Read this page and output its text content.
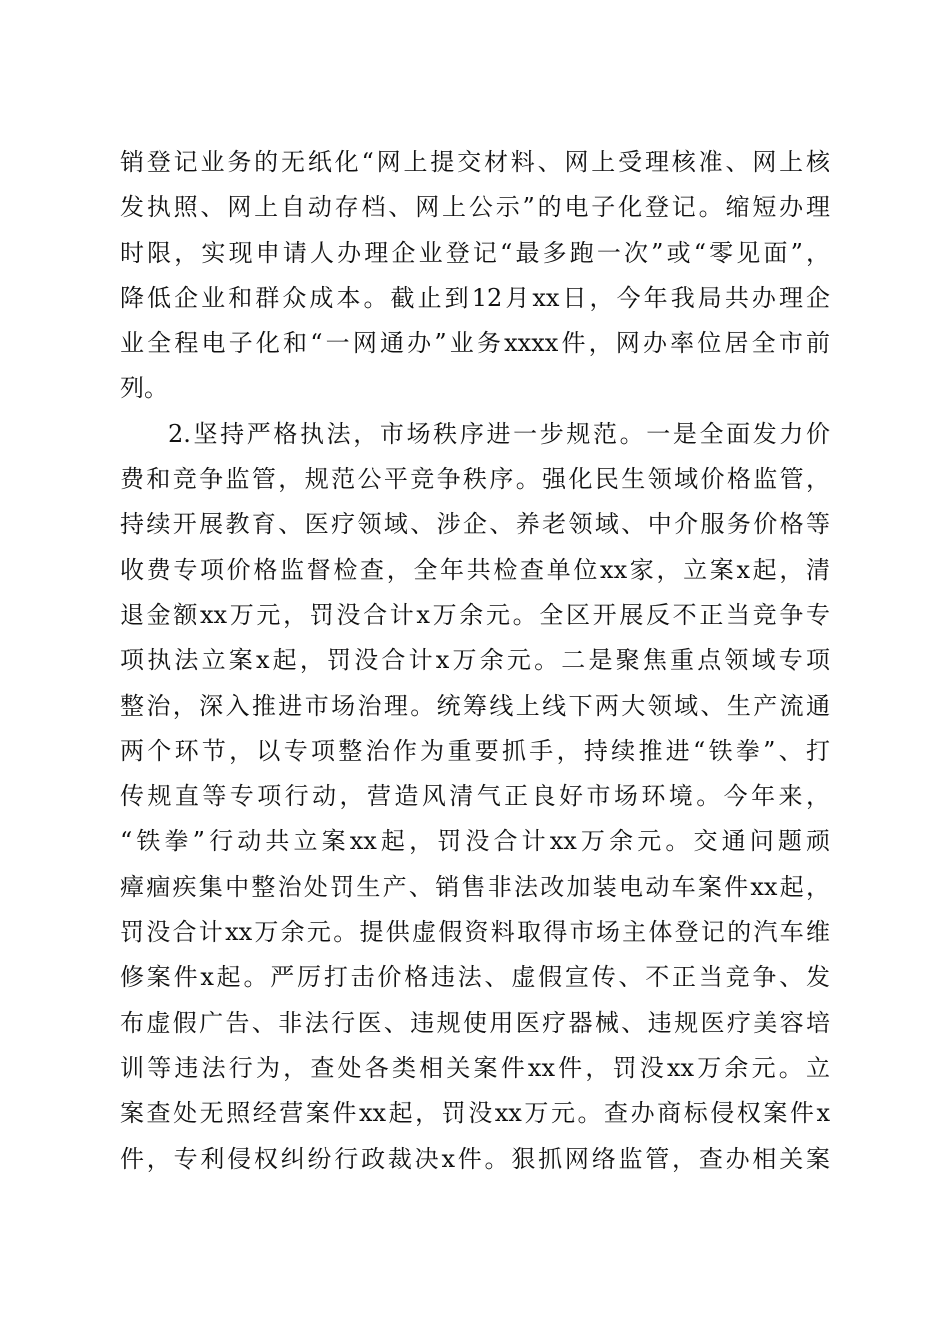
销登记业务的无纸化“网上提交材料、网上受理核准、网上核
发执照、网上自动存档、网上公示”的电子化登记。缩短办理
时限，实现申请人办理企业登记“最多跑一次”或“零见面”，
降低企业和群众成本。截止到12月xx日，今年我局共办理企
业全程电子化和“一网通办”业务xxxx件，网办率位居全市前
列。
2.坚持严格执法，市场秩序进一步规范。一是全面发力价
费和竞争监管，规范公平竞争秩序。强化民生领域价格监管，
持续开展教育、医疗领域、涉企、养老领域、中介服务价格等
收费专项价格监督检查，全年共检查单位xx家，立案x起，清
退金额xx万元，罚没合计x万余元。全区开展反不正当竞争专
项执法立案x起，罚没合计x万余元。二是聚焦重点领域专项
整治，深入推进市场治理。统筹线上线下两大领域、生产流通
两个环节，以专项整治作为重要抓手，持续推进“铁拳”、打
传规直等专项行动，营造风清气正良好市场环境。今年来，
“铁拳”行动共立案xx起，罚没合计xx万余元。交通问题顽
瘴痼疾集中整治处罚生产、销售非法改加装电动车案件xx起，
罚没合计xx万余元。提供虚假资料取得市场主体登记的汽车维
修案件x起。严厉打击价格违法、虚假宣传、不正当竞争、发
布虚假广告、非法行医、违规使用医疗器械、违规医疗美容培
训等违法行为，查处各类相关案件xx件，罚没xx万余元。立
案查处无照经营案件xx起，罚没xx万元。查办商标侵权案件x
件，专利侵权纠纷行政裁决x件。狠抓网络监管，查办相关案
